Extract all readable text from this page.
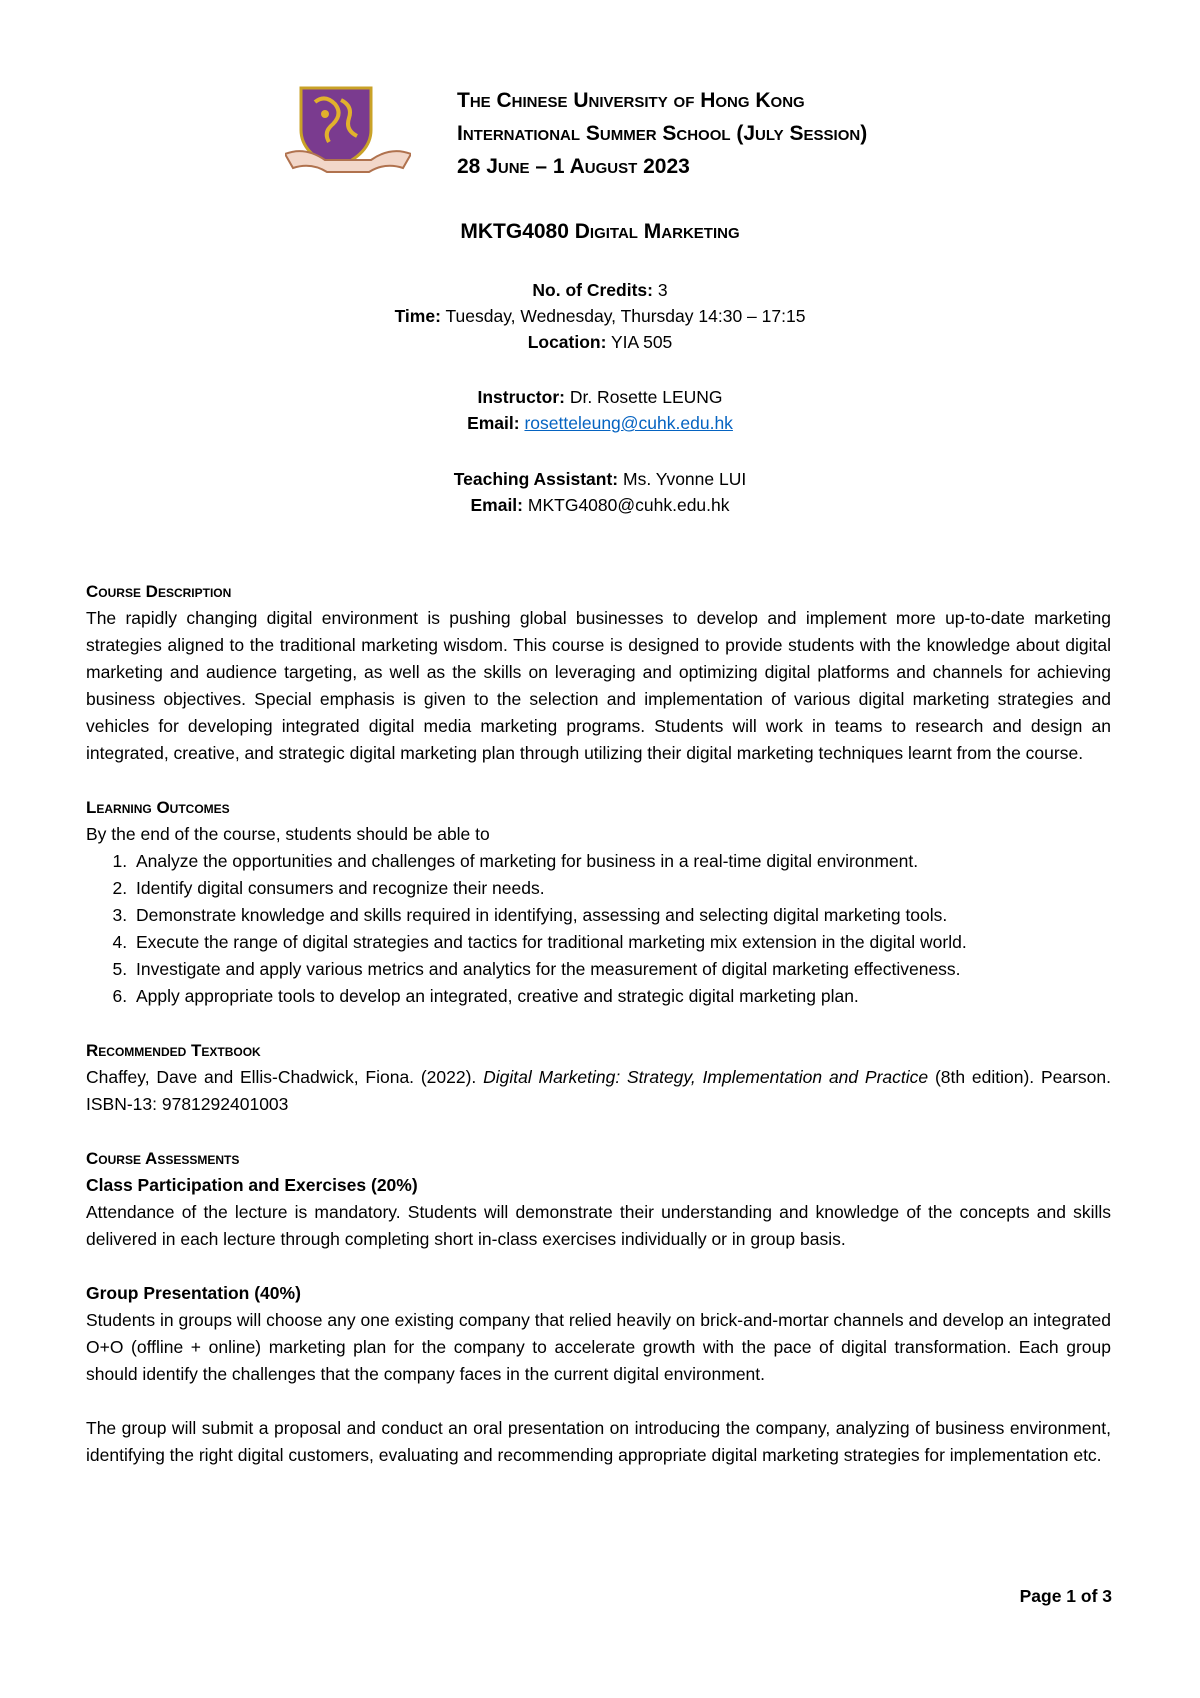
The Chinese University of Hong Kong
International Summer School (July Session)
28 June – 1 August 2023
MKTG4080 Digital Marketing
No. of Credits: 3
Time: Tuesday, Wednesday, Thursday 14:30 – 17:15
Location: YIA 505
Instructor: Dr. Rosette LEUNG
Email: rosetteleung@cuhk.edu.hk
Teaching Assistant: Ms. Yvonne LUI
Email: MKTG4080@cuhk.edu.hk
Course Description

The rapidly changing digital environment is pushing global businesses to develop and implement more up-to-date marketing strategies aligned to the traditional marketing wisdom. This course is designed to provide students with the knowledge about digital marketing and audience targeting, as well as the skills on leveraging and optimizing digital platforms and channels for achieving business objectives. Special emphasis is given to the selection and implementation of various digital marketing strategies and vehicles for developing integrated digital media marketing programs. Students will work in teams to research and design an integrated, creative, and strategic digital marketing plan through utilizing their digital marketing techniques learnt from the course.

Learning Outcomes

By the end of the course, students should be able to

1. Analyze the opportunities and challenges of marketing for business in a real-time digital environment.
2. Identify digital consumers and recognize their needs.
3. Demonstrate knowledge and skills required in identifying, assessing and selecting digital marketing tools.
4. Execute the range of digital strategies and tactics for traditional marketing mix extension in the digital world.
5. Investigate and apply various metrics and analytics for the measurement of digital marketing effectiveness.
6. Apply appropriate tools to develop an integrated, creative and strategic digital marketing plan.
Recommended Textbook

Chaffey, Dave and Ellis-Chadwick, Fiona. (2022). Digital Marketing: Strategy, Implementation and Practice (8th edition). Pearson. ISBN-13: 9781292401003

Course Assessments
Class Participation and Exercises (20%)

Attendance of the lecture is mandatory. Students will demonstrate their understanding and knowledge of the concepts and skills delivered in each lecture through completing short in-class exercises individually or in group basis.

Group Presentation (40%)

Students in groups will choose any one existing company that relied heavily on brick-and-mortar channels and develop an integrated O+O (offline + online) marketing plan for the company to accelerate growth with the pace of digital transformation. Each group should identify the challenges that the company faces in the current digital environment.

The group will submit a proposal and conduct an oral presentation on introducing the company, analyzing of business environment, identifying the right digital customers, evaluating and recommending appropriate digital marketing strategies for implementation etc.

Page 1 of 3
